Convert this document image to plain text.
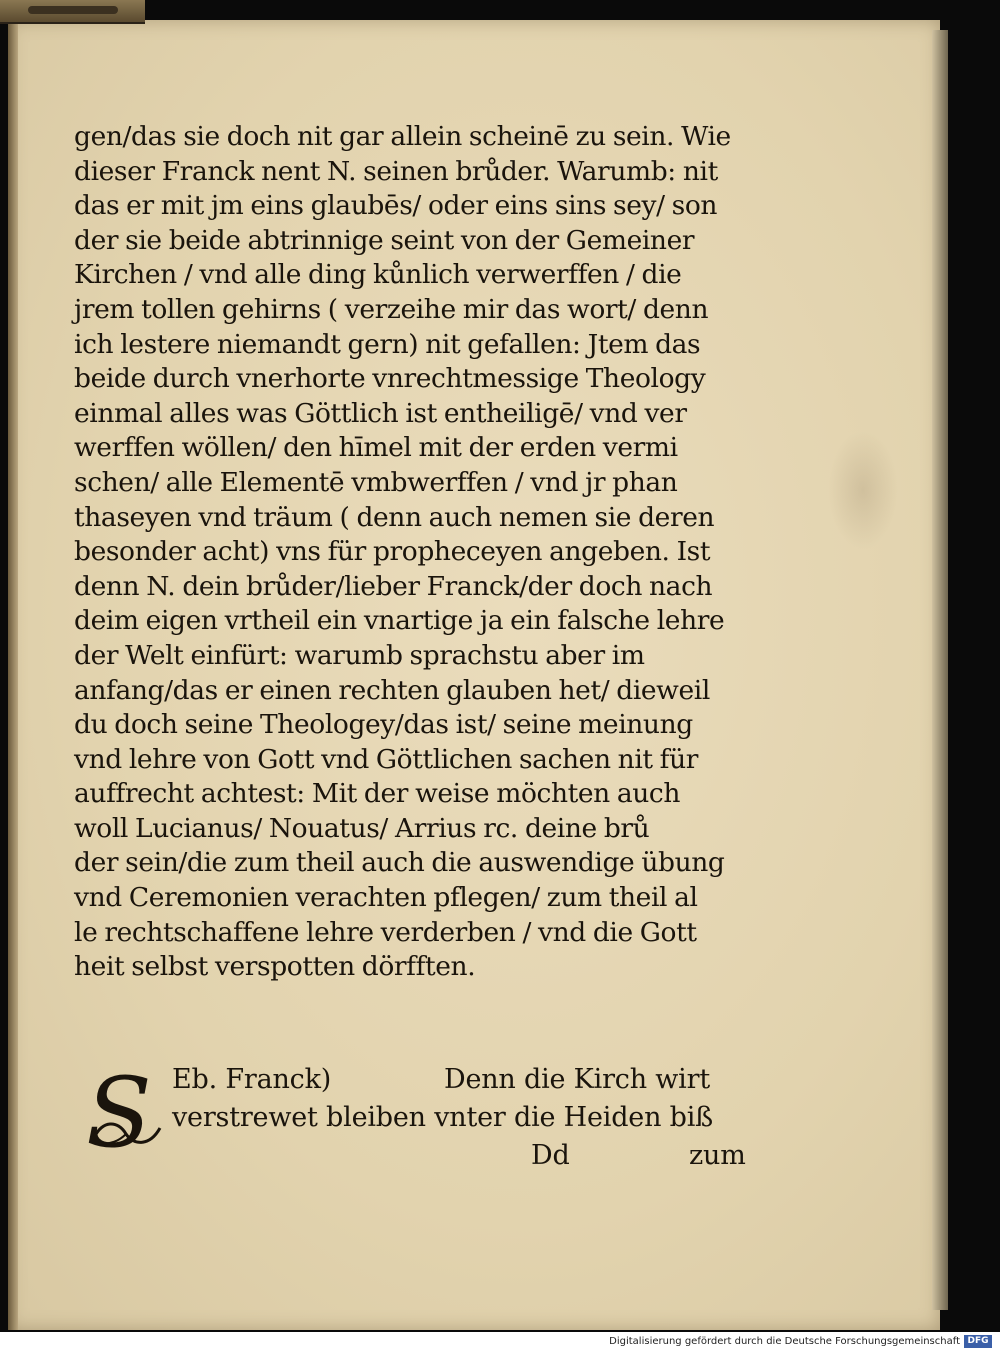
gen/das sie doch nit gar allein scheinē zu sein. Wie
dieser Franck nent N. seinen brůder. Warumb: nit
das er mit jm eins glaubēs/ oder eins sins sey/ son
der sie beide abtrinnige seint von der Gemeiner
Kirchen / vnd alle ding kůnlich verwerffen / die
jrem tollen gehirns ( verzeihe mir das wort/ denn
ich lestere niemandt gern) nit gefallen: Jtem das
beide durch vnerhorte vnrechtmessige Theology
einmal alles was Göttlich ist entheiligē/ vnd ver
werffen wöllen/ den hīmel mit der erden vermi
schen/ alle Elementē vmbwerffen / vnd jr phan
thaseyen vnd träum ( denn auch nemen sie deren
besonder acht) vns für propheceyen angeben. Ist
denn N. dein brůder/lieber Franck/der doch nach
deim eigen vrtheil ein vnartige ja ein falsche lehre
der Welt einfürt: warumb sprachstu aber im
anfang/das er einen rechten glauben het/ dieweil
du doch seine Theologey/das ist/ seine meinung
vnd lehre von Gott vnd Göttlichen sachen nit für
auffrecht achtest: Mit der weise möchten auch
woll Lucianus/ Nouatus/ Arrius rc. deine brů
der sein/die zum theil auch die auswendige übung
vnd Ceremonien verachten pflegen/ zum theil al
le rechtschaffene lehre verderben / vnd die Gott
heit selbst verspotten dörfften.
S Eb. Franck)	Denn die Kirch wirt
verstrewet bleiben vnter die Heiden biß
Dd	zum
Digitalisierung gefördert durch die Deutsche Forschungsgemeinschaft DFG
